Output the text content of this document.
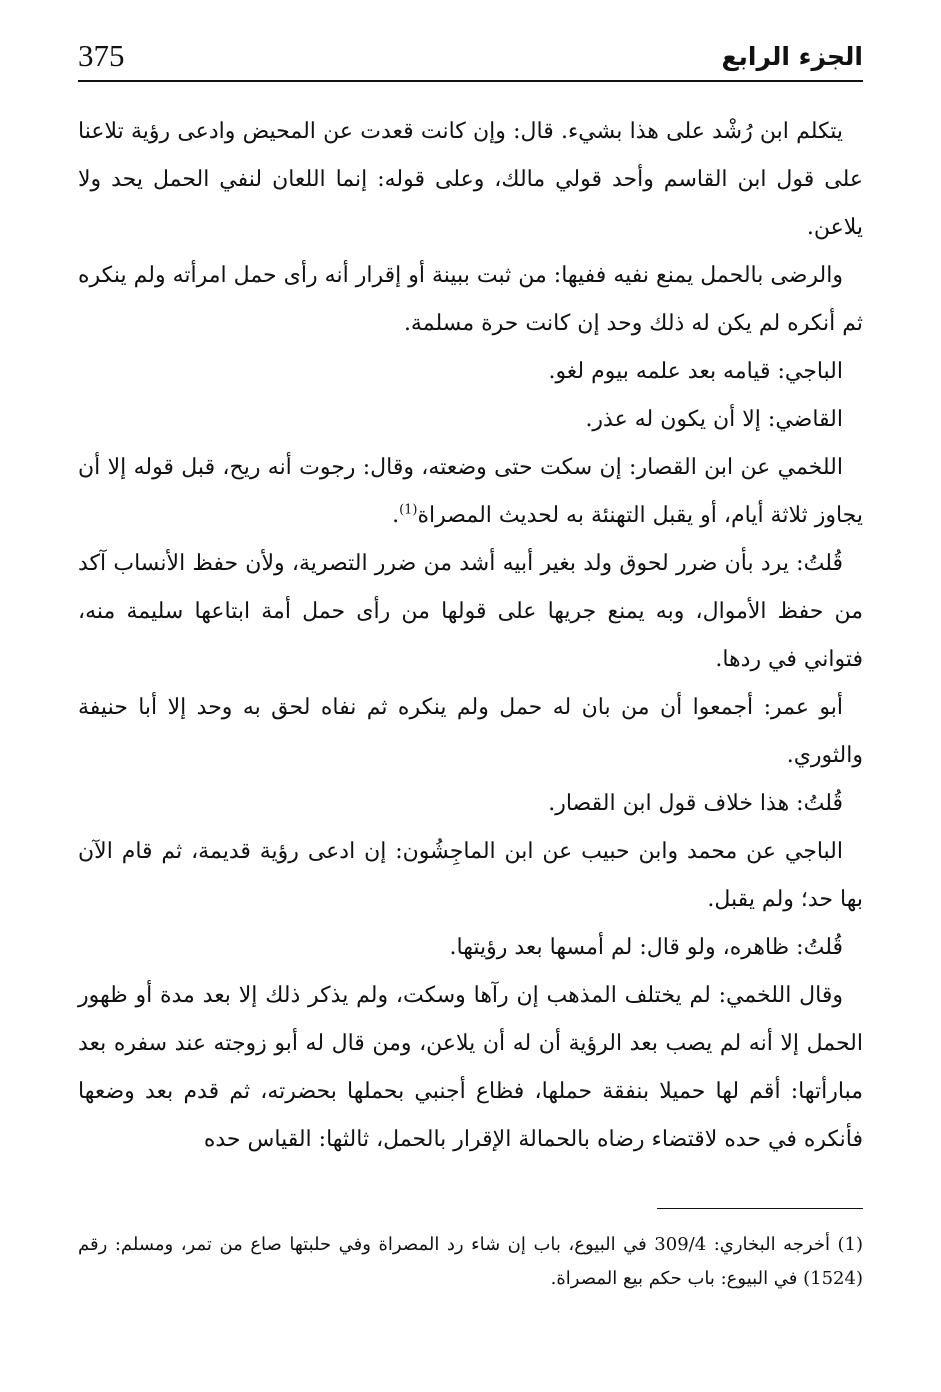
375	الجزء الرابع

يتكلم ابن رُشْد على هذا بشيء. قال: وإن كانت قعدت عن المحيض وادعى رؤية تلاعنا على قول ابن القاسم وأحد قولي مالك، وعلى قوله: إنما اللعان لنفي الحمل يحد ولا يلاعن.

والرضى بالحمل يمنع نفيه ففيها: من ثبت ببينة أو إقرار أنه رأى حمل امرأته ولم ينكره ثم أنكره لم يكن له ذلك وحد إن كانت حرة مسلمة.

الباجي: قيامه بعد علمه بيوم لغو.

القاضي: إلا أن يكون له عذر.

اللخمي عن ابن القصار: إن سكت حتى وضعته، وقال: رجوت أنه ريح، قبل قوله إلا أن يجاوز ثلاثة أيام، أو يقبل التهنئة به لحديث المصراة$^{(1)}$.

قُلتُ: يرد بأن ضرر لحوق ولد بغير أبيه أشد من ضرر التصرية، ولأن حفظ الأنساب آكد من حفظ الأموال، وبه يمنع جريها على قولها من رأى حمل أمة ابتاعها سليمة منه، فتواني في ردها.

أبو عمر: أجمعوا أن من بان له حمل ولم ينكره ثم نفاه لحق به وحد إلا أبا حنيفة والثوري.

قُلتُ: هذا خلاف قول ابن القصار.

الباجي عن محمد وابن حبيب عن ابن الماجِشُون: إن ادعى رؤية قديمة، ثم قام الآن بها حد؛ ولم يقبل.

قُلتُ: ظاهره، ولو قال: لم أمسها بعد رؤيتها.

وقال اللخمي: لم يختلف المذهب إن رآها وسكت، ولم يذكر ذلك إلا بعد مدة أو ظهور الحمل إلا أنه لم يصب بعد الرؤية أن له أن يلاعن، ومن قال له أبو زوجته عند سفره بعد مبارأتها: أقم لها حميلا بنفقة حملها، فظاع أجنبي بحملها بحضرته، ثم قدم بعد وضعها فأنكره في حده لاقتضاء رضاه بالحمالة الإقرار بالحمل، ثالثها: القياس حده

(1) أخرجه البخاري: 309/4 في البيوع، باب إن شاء رد المصراة وفي حلبتها صاع من تمر، ومسلم: رقم (1524) في البيوع: باب حكم بيع المصراة.
